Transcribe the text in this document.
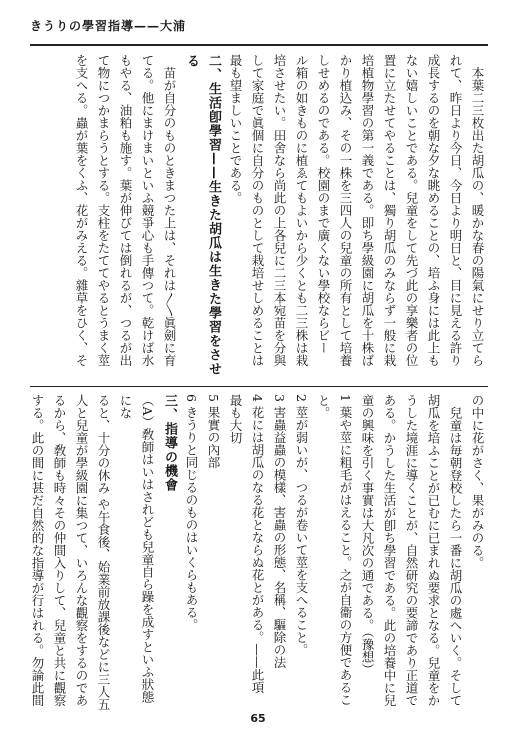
きうりの學習指導——大浦

　本葉二三枚出た胡瓜の、暖かな春の陽氣にせり立てら

れて、昨日より今日、今日より明日と、目に見える許り

成長するのを朝な夕な眺めることの、培ふ身には此上も

ない嬉しいことである。兒童をして先づ此の享樂者の位

置に立たせてやることは、獨り胡瓜のみならず一般に栽

培植物學習の第一義である。即ち學級園に胡瓜を十株ば

かり植込み、その一株を三四人の兒童の所有として培養

しせめるのである。校園のまで廣くない學校ならビー

ル箱の如きものに植ゑてもよいから少くとも二三株は栽

培させたい。田舍なら尚此の上各兒に二三本宛苗を分與

して家庭で眞個に自分のものとして栽培せしめることは

最も望ましいことである。

二、生活卽學習——生きた胡瓜は生きた學習をさせる

　苗が自分のものときまつた上は、それは〳〵眞劍に育

てる。他にまけまいといふ競爭心も手傳つて。乾けば水

もやる、油粕も施す。葉が伸びては倒れるが、つるが出

て物につかまらうとする。支柱をたててやるとうまく莖

を支へる。蟲が葉をくふ、花がみえる。雜草をひく、そ

の中に花がさく、果がみのる。

　兒童は毎朝登校したら一番に胡瓜の處へいく。そして

胡瓜を培ふことが已むに已まれぬ要求となる。兒童をか

うした境涯に導くことが、自然研究の要諦であり正道で

ある。かうした生活が卽ち學習である。此の培養中に兒

童の興味を引く事實は大凡次の通である。（豫想）

1 葉や莖に粗毛がはえること。之が自衞の方便であること。

2 莖が弱いが、つるが卷いて莖を支へること。

3 害蟲益蟲の模樣、害蟲の形態、名稱、驅除の法

4 花には胡瓜のなる花とならぬ花とがある。——此項

最も大切

5 果實の內部

6 きうりと同じるのものはいくらもある。

三、指導の機會

（A）敎師はいはされども兒童自ら躁を成すといふ狀態にな

ると、十分の休み や午食後、始業前放課後などに三人五

人と兒童が學級園に集つて、いろんな觀察をするのであ

るから、敎師も時々その仲間入りして、兒童と共に觀察

する。此の間に甚だ自然的な指導が行はれる。勿論此間

65
